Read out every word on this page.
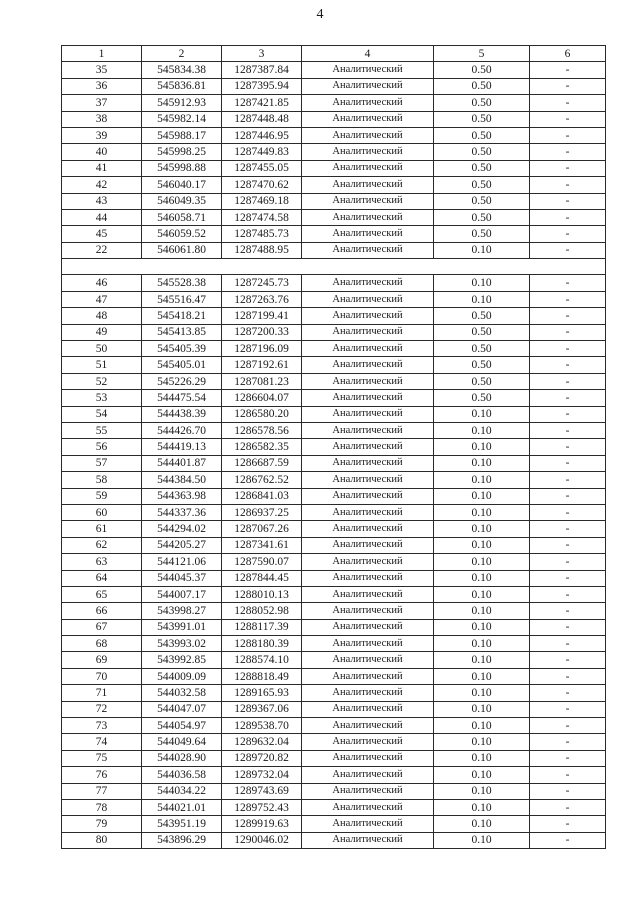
4
1	2	3	4	5	6
35	545834.38	1287387.84	Аналитический	0.50	-
36	545836.81	1287395.94	Аналитический	0.50	-
37	545912.93	1287421.85	Аналитический	0.50	-
38	545982.14	1287448.48	Аналитический	0.50	-
39	545988.17	1287446.95	Аналитический	0.50	-
40	545998.25	1287449.83	Аналитический	0.50	-
41	545998.88	1287455.05	Аналитический	0.50	-
42	546040.17	1287470.62	Аналитический	0.50	-
43	546049.35	1287469.18	Аналитический	0.50	-
44	546058.71	1287474.58	Аналитический	0.50	-
45	546059.52	1287485.73	Аналитический	0.50	-
22	546061.80	1287488.95	Аналитический	0.10	-

46	545528.38	1287245.73	Аналитический	0.10	-
47	545516.47	1287263.76	Аналитический	0.10	-
48	545418.21	1287199.41	Аналитический	0.50	-
49	545413.85	1287200.33	Аналитический	0.50	-
50	545405.39	1287196.09	Аналитический	0.50	-
51	545405.01	1287192.61	Аналитический	0.50	-
52	545226.29	1287081.23	Аналитический	0.50	-
53	544475.54	1286604.07	Аналитический	0.50	-
54	544438.39	1286580.20	Аналитический	0.10	-
55	544426.70	1286578.56	Аналитический	0.10	-
56	544419.13	1286582.35	Аналитический	0.10	-
57	544401.87	1286687.59	Аналитический	0.10	-
58	544384.50	1286762.52	Аналитический	0.10	-
59	544363.98	1286841.03	Аналитический	0.10	-
60	544337.36	1286937.25	Аналитический	0.10	-
61	544294.02	1287067.26	Аналитический	0.10	-
62	544205.27	1287341.61	Аналитический	0.10	-
63	544121.06	1287590.07	Аналитический	0.10	-
64	544045.37	1287844.45	Аналитический	0.10	-
65	544007.17	1288010.13	Аналитический	0.10	-
66	543998.27	1288052.98	Аналитический	0.10	-
67	543991.01	1288117.39	Аналитический	0.10	-
68	543993.02	1288180.39	Аналитический	0.10	-
69	543992.85	1288574.10	Аналитический	0.10	-
70	544009.09	1288818.49	Аналитический	0.10	-
71	544032.58	1289165.93	Аналитический	0.10	-
72	544047.07	1289367.06	Аналитический	0.10	-
73	544054.97	1289538.70	Аналитический	0.10	-
74	544049.64	1289632.04	Аналитический	0.10	-
75	544028.90	1289720.82	Аналитический	0.10	-
76	544036.58	1289732.04	Аналитический	0.10	-
77	544034.22	1289743.69	Аналитический	0.10	-
78	544021.01	1289752.43	Аналитический	0.10	-
79	543951.19	1289919.63	Аналитический	0.10	-
80	543896.29	1290046.02	Аналитический	0.10	-
